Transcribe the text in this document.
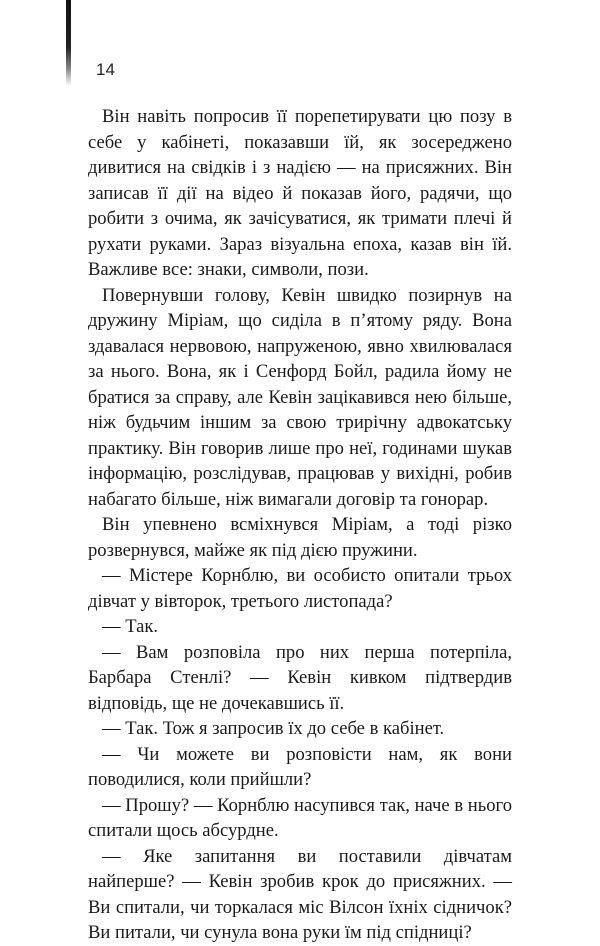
14

Він навіть попросив її порепетирувати цю позу в себе у кабінеті, показавши їй, як зосереджено дивитися на свідків і з надією — на присяжних. Він записав її дії на відео й показав його, радячи, що робити з очима, як зачісуватися, як тримати плечі й рухати руками. Зараз візуальна епоха, казав він їй. Важливе все: знаки, символи, пози.

Повернувши голову, Кевін швидко позирнув на дружину Міріам, що сиділа в п’ятому ряду. Вона здавалася нервовою, напруженою, явно хвилювалася за нього. Вона, як і Сенфорд Бойл, радила йому не братися за справу, але Кевін зацікавився нею більше, ніж будьчим іншим за свою трирічну адвокатську практику. Він говорив лише про неї, годинами шукав інформацію, розслідував, працював у вихідні, робив набагато більше, ніж вимагали договір та гонорар.

Він упевнено всміхнувся Міріам, а тоді різко розвернувся, майже як під дією пружини.

— Містере Корнблю, ви особисто опитали трьох дівчат у вівторок, третього листопада?

— Так.

— Вам розповіла про них перша потерпіла, Барбара Стенлі? — Кевін кивком підтвердив відповідь, ще не дочекавшись її.

— Так. Тож я запросив їх до себе в кабінет.

— Чи можете ви розповісти нам, як вони поводилися, коли прийшли?

— Прошу? — Корнблю насупився так, наче в нього спитали щось абсурдне.

— Яке запитання ви поставили дівчатам найперше? — Кевін зробив крок до присяжних. — Ви спитали, чи торкалася міс Вілсон їхніх сідничок? Ви питали, чи сунула вона руки їм під спідниці?
